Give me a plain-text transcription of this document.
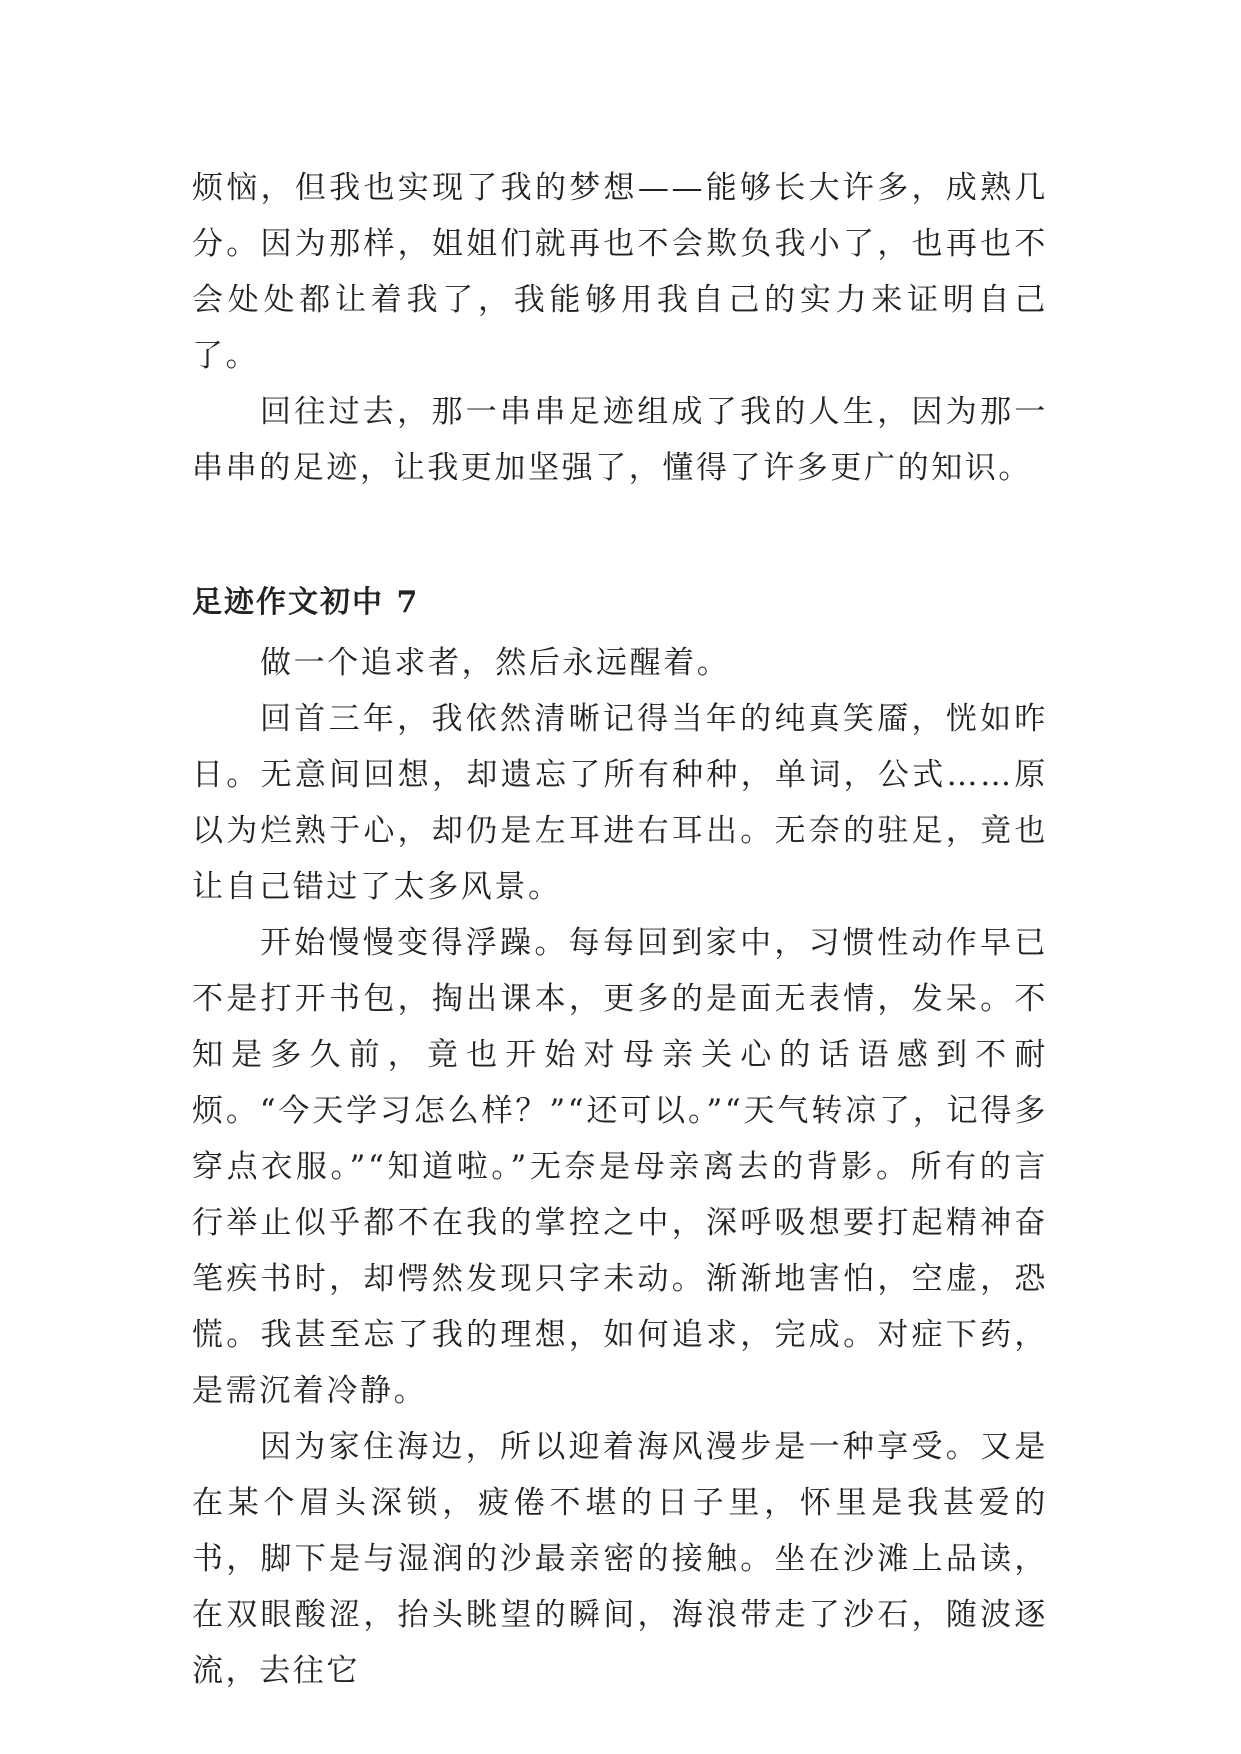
烦恼，但我也实现了我的梦想——能够长大许多，成熟几分。因为那样，姐姐们就再也不会欺负我小了，也再也不会处处都让着我了，我能够用我自己的实力来证明自己了。

回往过去，那一串串足迹组成了我的人生，因为那一串串的足迹，让我更加坚强了，懂得了许多更广的知识。

足迹作文初中 7

做一个追求者，然后永远醒着。

回首三年，我依然清晰记得当年的纯真笑靥，恍如昨日。无意间回想，却遗忘了所有种种，单词，公式……原以为烂熟于心，却仍是左耳进右耳出。无奈的驻足，竟也让自己错过了太多风景。

开始慢慢变得浮躁。每每回到家中，习惯性动作早已不是打开书包，掏出课本，更多的是面无表情，发呆。不知是多久前，竟也开始对母亲关心的话语感到不耐烦。“今天学习怎么样？”“还可以。”“天气转凉了，记得多穿点衣服。”“知道啦。”无奈是母亲离去的背影。所有的言行举止似乎都不在我的掌控之中，深呼吸想要打起精神奋笔疾书时，却愕然发现只字未动。渐渐地害怕，空虚，恐慌。我甚至忘了我的理想，如何追求，完成。对症下药，是需沉着冷静。

因为家住海边，所以迎着海风漫步是一种享受。又是在某个眉头深锁，疲倦不堪的日子里，怀里是我甚爱的书，脚下是与湿润的沙最亲密的接触。坐在沙滩上品读，在双眼酸涩，抬头眺望的瞬间，海浪带走了沙石，随波逐流，去往它
